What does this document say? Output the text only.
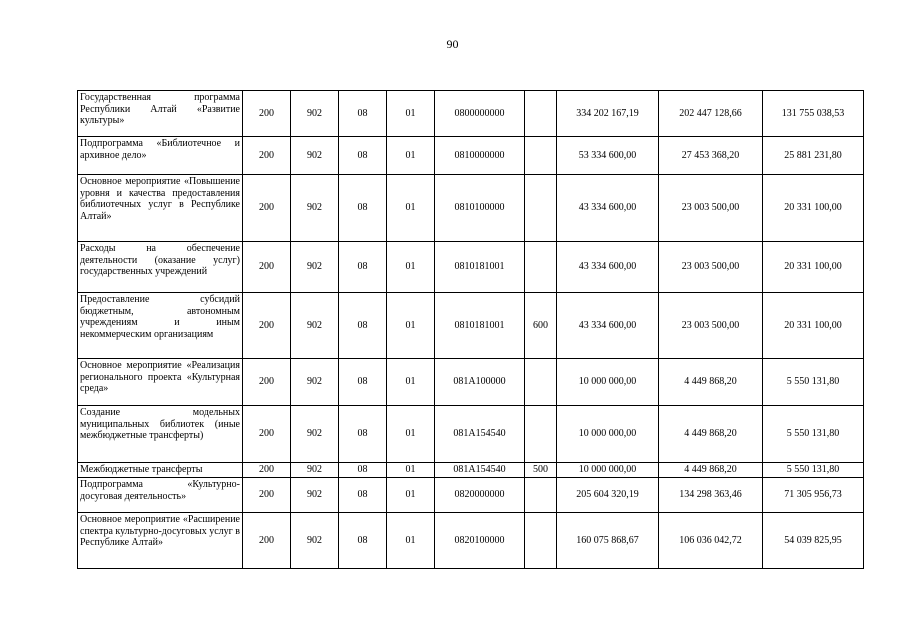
90
Государственная программа Республики Алтай «Развитие культуры»	200	902	08	01	0800000000		334 202 167,19	202 447 128,66	131 755 038,53
Подпрограмма «Библиотечное и архивное дело»	200	902	08	01	0810000000		53 334 600,00	27 453 368,20	25 881 231,80
Основное мероприятие «Повышение уровня и качества предоставления библиотечных услуг в Республике Алтай»	200	902	08	01	0810100000		43 334 600,00	23 003 500,00	20 331 100,00
Расходы на обеспечение деятельности (оказание услуг) государственных учреждений	200	902	08	01	0810181001		43 334 600,00	23 003 500,00	20 331 100,00
Предоставление субсидий бюджетным, автономным учреждениям и иным некоммерческим организациям	200	902	08	01	0810181001	600	43 334 600,00	23 003 500,00	20 331 100,00
Основное мероприятие «Реализация регионального проекта «Культурная среда»	200	902	08	01	081A100000		10 000 000,00	4 449 868,20	5 550 131,80
Создание модельных муниципальных библиотек (иные межбюджетные трансферты)	200	902	08	01	081A154540		10 000 000,00	4 449 868,20	5 550 131,80
Межбюджетные трансферты	200	902	08	01	081A154540	500	10 000 000,00	4 449 868,20	5 550 131,80
Подпрограмма «Культурно-досуговая деятельность»	200	902	08	01	0820000000		205 604 320,19	134 298 363,46	71 305 956,73
Основное мероприятие «Расширение спектра культурно-досуговых услуг в Республике Алтай»	200	902	08	01	0820100000		160 075 868,67	106 036 042,72	54 039 825,95
